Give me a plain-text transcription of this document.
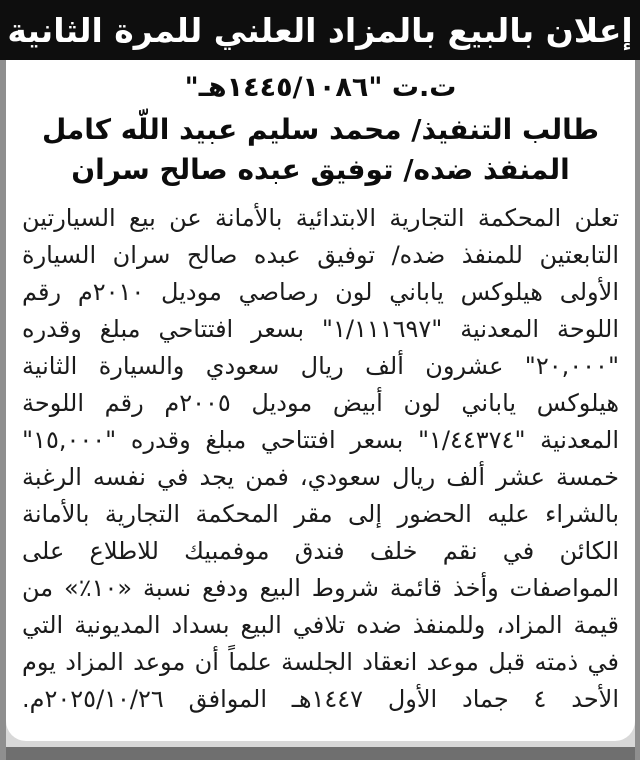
إعلان بالبيع بالمزاد العلني للمرة الثانية
ت.ت "١٤٤٥/١٠٨٦هـ"
طالب التنفيذ/ محمد سليم عبيد اللّه كامل
المنفذ ضده/ توفيق عبده صالح سران
تعلن المحكمة التجارية الابتدائية بالأمانة عن بيع السيارتين
التابعتين للمنفذ ضده/ توفيق عبده صالح سران السيارة
الأولى هيلوكس ياباني لون رصاصي موديل ٢٠١٠م رقم
اللوحة المعدنية "١/١١١٦٩٧" بسعر افتتاحي مبلغ وقدره
"٢٠,٠٠٠" عشرون ألف ريال سعودي والسيارة الثانية
هيلوكس ياباني لون أبيض موديل ٢٠٠٥م رقم اللوحة
المعدنية "١/٤٤٣٧٤" بسعر افتتاحي مبلغ وقدره "١٥,٠٠٠"
خمسة عشر ألف ريال سعودي، فمن يجد في نفسه الرغبة
بالشراء عليه الحضور إلى مقر المحكمة التجارية بالأمانة
الكائن في نقم خلف فندق موفمبيك للاطلاع على
المواصفات وأخذ قائمة شروط البيع ودفع نسبة «١٠٪» من
قيمة المزاد، وللمنفذ ضده تلافي البيع بسداد المديونية التي
في ذمته قبل موعد انعقاد الجلسة علماً أن موعد المزاد يوم
الأحد ٤ جماد الأول ١٤٤٧هـ الموافق ٢٠٢٥/١٠/٢٦م.
